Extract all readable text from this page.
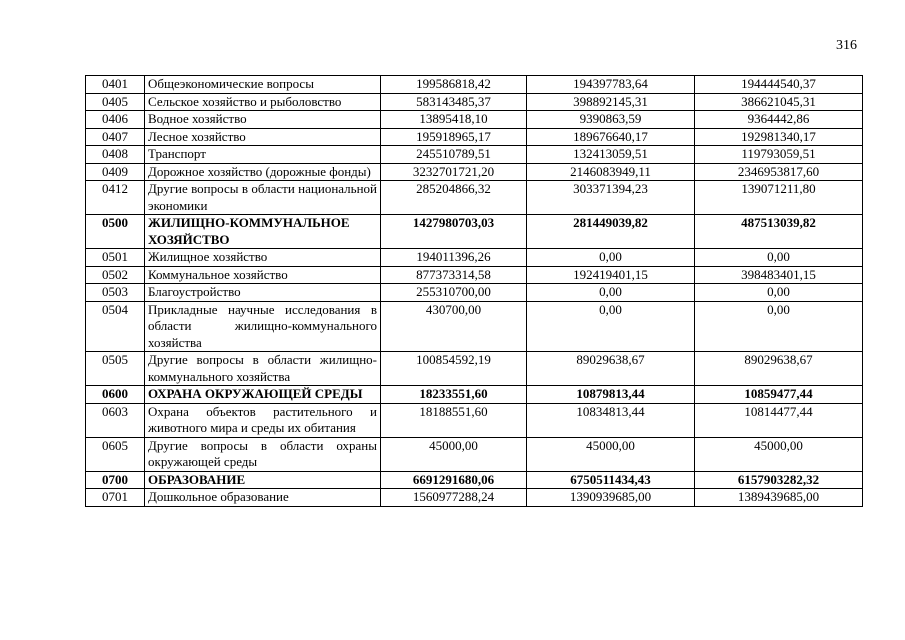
316
0401	Общеэкономические вопросы	199586818,42	194397783,64	194444540,37
0405	Сельское хозяйство и рыболовство	583143485,37	398892145,31	386621045,31
0406	Водное хозяйство	13895418,10	9390863,59	9364442,86
0407	Лесное хозяйство	195918965,17	189676640,17	192981340,17
0408	Транспорт	245510789,51	132413059,51	119793059,51
0409	Дорожное хозяйство (дорожные фонды)	3232701721,20	2146083949,11	2346953817,60
0412	Другие вопросы в области национальной экономики	285204866,32	303371394,23	139071211,80
0500	ЖИЛИЩНО-КОММУНАЛЬНОЕ ХОЗЯЙСТВО	1427980703,03	281449039,82	487513039,82
0501	Жилищное хозяйство	194011396,26	0,00	0,00
0502	Коммунальное хозяйство	877373314,58	192419401,15	398483401,15
0503	Благоустройство	255310700,00	0,00	0,00
0504	Прикладные научные исследования в области жилищно-коммунального хозяйства	430700,00	0,00	0,00
0505	Другие вопросы в области жилищно-коммунального хозяйства	100854592,19	89029638,67	89029638,67
0600	ОХРАНА ОКРУЖАЮЩЕЙ СРЕДЫ	18233551,60	10879813,44	10859477,44
0603	Охрана объектов растительного и животного мира и среды их обитания	18188551,60	10834813,44	10814477,44
0605	Другие вопросы в области охраны окружающей среды	45000,00	45000,00	45000,00
0700	ОБРАЗОВАНИЕ	6691291680,06	6750511434,43	6157903282,32
0701	Дошкольное образование	1560977288,24	1390939685,00	1389439685,00
